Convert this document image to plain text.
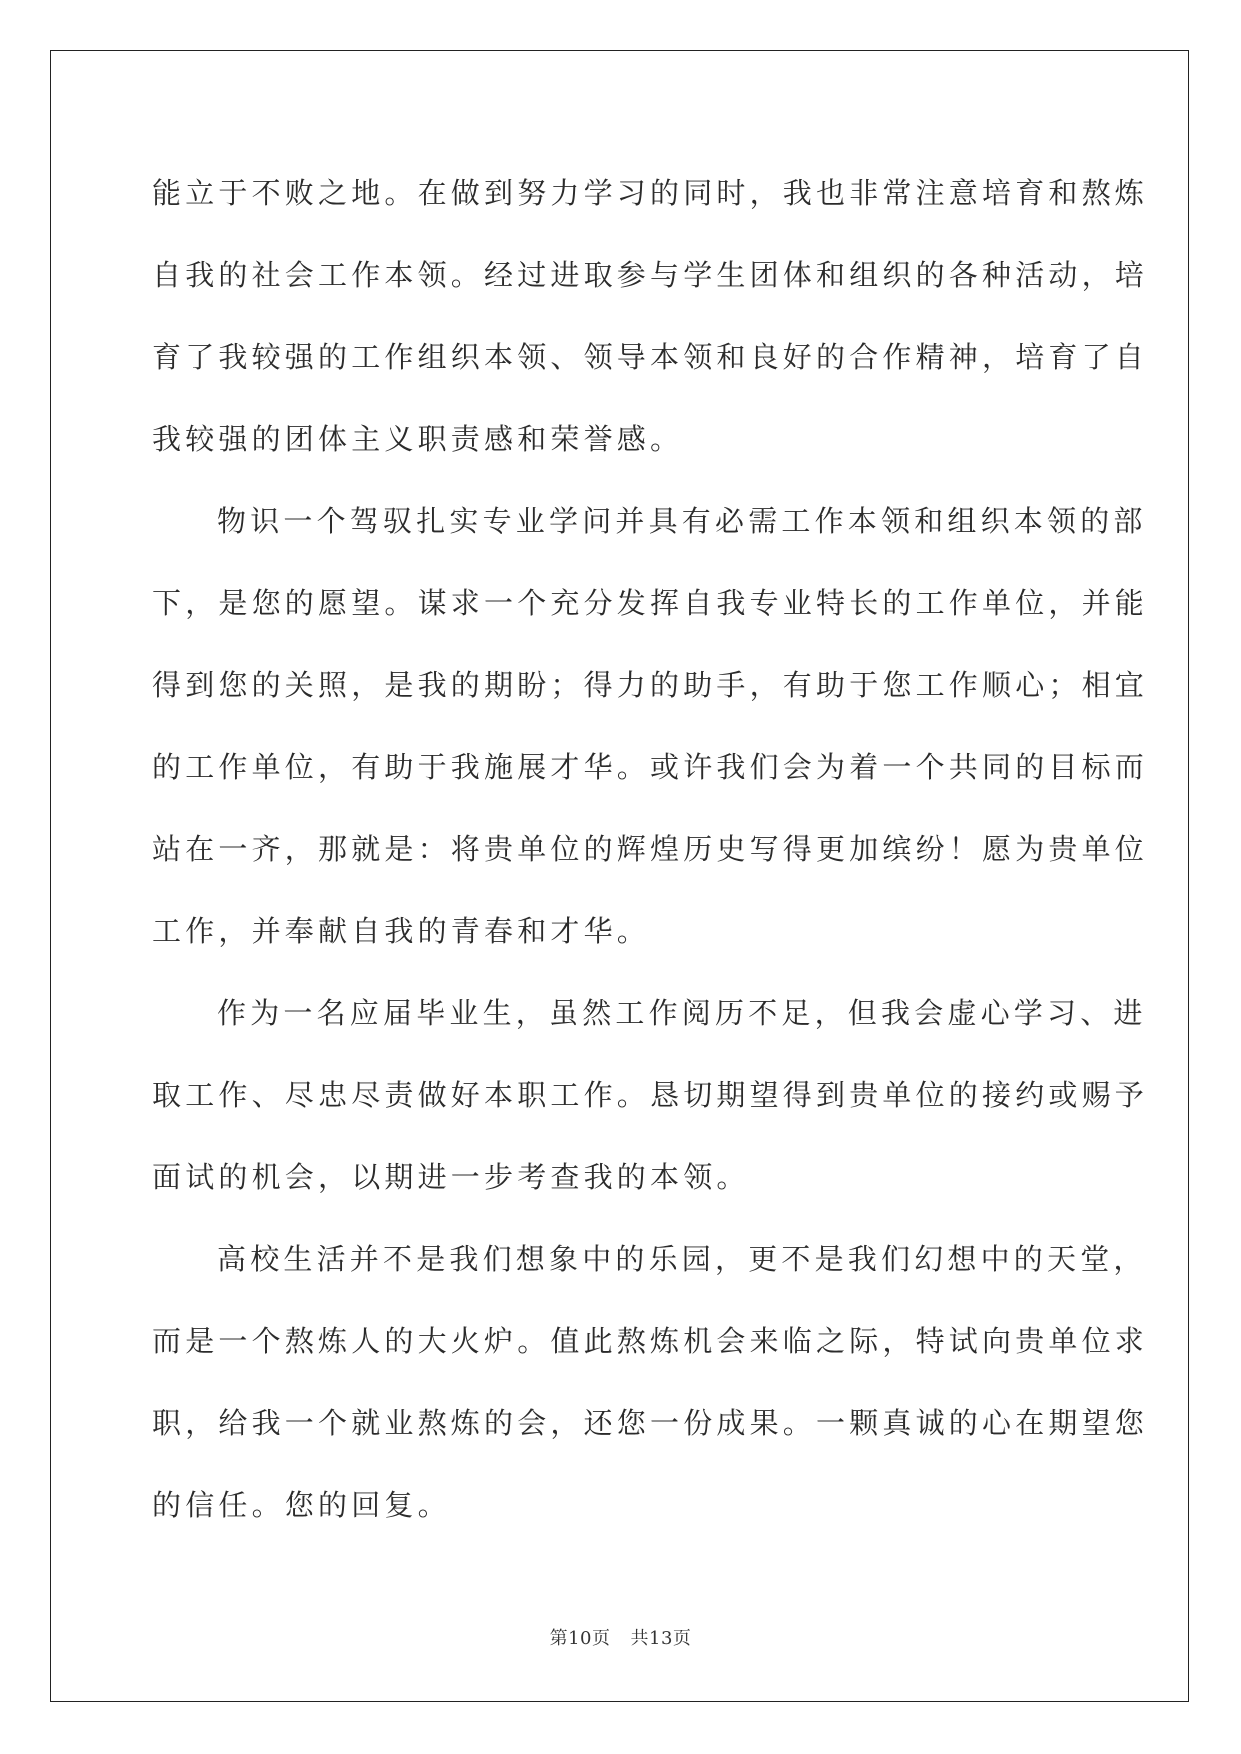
能立于不败之地。在做到努力学习的同时，我也非常注意培育和熬炼
自我的社会工作本领。经过进取参与学生团体和组织的各种活动，培
育了我较强的工作组织本领、领导本领和良好的合作精神，培育了自
我较强的团体主义职责感和荣誉感。
物识一个驾驭扎实专业学问并具有必需工作本领和组织本领的部
下，是您的愿望。谋求一个充分发挥自我专业特长的工作单位，并能
得到您的关照，是我的期盼；得力的助手，有助于您工作顺心；相宜
的工作单位，有助于我施展才华。或许我们会为着一个共同的目标而
站在一齐，那就是：将贵单位的辉煌历史写得更加缤纷！愿为贵单位
工作，并奉献自我的青春和才华。
作为一名应届毕业生，虽然工作阅历不足，但我会虚心学习、进
取工作、尽忠尽责做好本职工作。恳切期望得到贵单位的接约或赐予
面试的机会，以期进一步考查我的本领。
高校生活并不是我们想象中的乐园，更不是我们幻想中的天堂，
而是一个熬炼人的大火炉。值此熬炼机会来临之际，特试向贵单位求
职，给我一个就业熬炼的会，还您一份成果。一颗真诚的心在期望您
的信任。您的回复。
第10页 共13页
